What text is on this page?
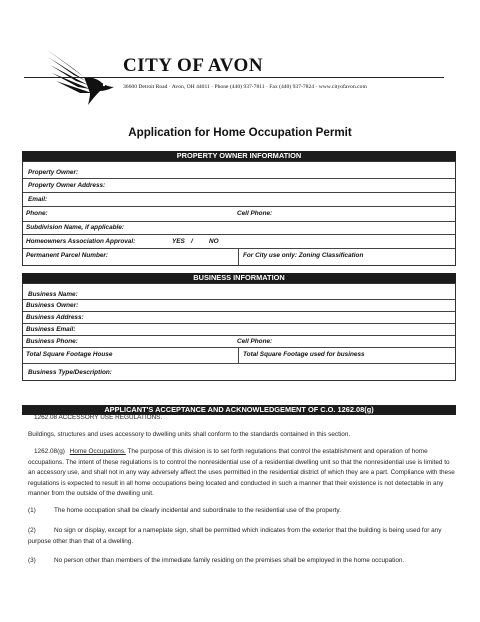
CITY OF AVON
36600 Detroit Road · Avon, OH 44011 · Phone (440) 937-7811 · Fax (440) 937-7824 · www.cityofavon.com
Application for Home Occupation Permit
PROPERTY OWNER INFORMATION
Property Owner:
Property Owner Address:
Email:
Phone:	Cell Phone:
Subdivision Name, if applicable:
Homeowners Association Approval:	YES /	NO
Permanent Parcel Number:	For City use only: Zoning Classification
BUSINESS INFORMATION
Business Name:
Business Owner:
Business Address:
Business Email:
Business Phone:	Cell Phone:
Total Square Footage House	Total Square Footage used for business
Business Type/Description:
APPLICANT'S ACCEPTANCE AND ACKNOWLEDGEMENT OF C.O. 1262.08(g)
1262.08 ACCESSORY USE REGULATIONS.
Buildings, structures and uses accessory to dwelling units shall conform to the standards contained in this section.
1262.08(g) Home Occupations. The purpose of this division is to set forth regulations that control the establishment and operation of home occupations. The intent of these regulations is to control the nonresidential use of a residential dwelling unit so that the nonresidential use is limited to an accessory use, and shall not in any way adversely affect the uses permitted in the residential district of which they are a part. Compliance with these regulations is expected to result in all home occupations being located and conducted in such a manner that their existence is not detectable in any manner from the outside of the dwelling unit.
(1)	The home occupation shall be clearly incidental and subordinate to the residential use of the property.
(2)	No sign or display, except for a nameplate sign, shall be permitted which indicates from the exterior that the building is being used for any purpose other than that of a dwelling.
(3)	No person other than members of the immediate family residing on the premises shall be employed in the home occupation.
